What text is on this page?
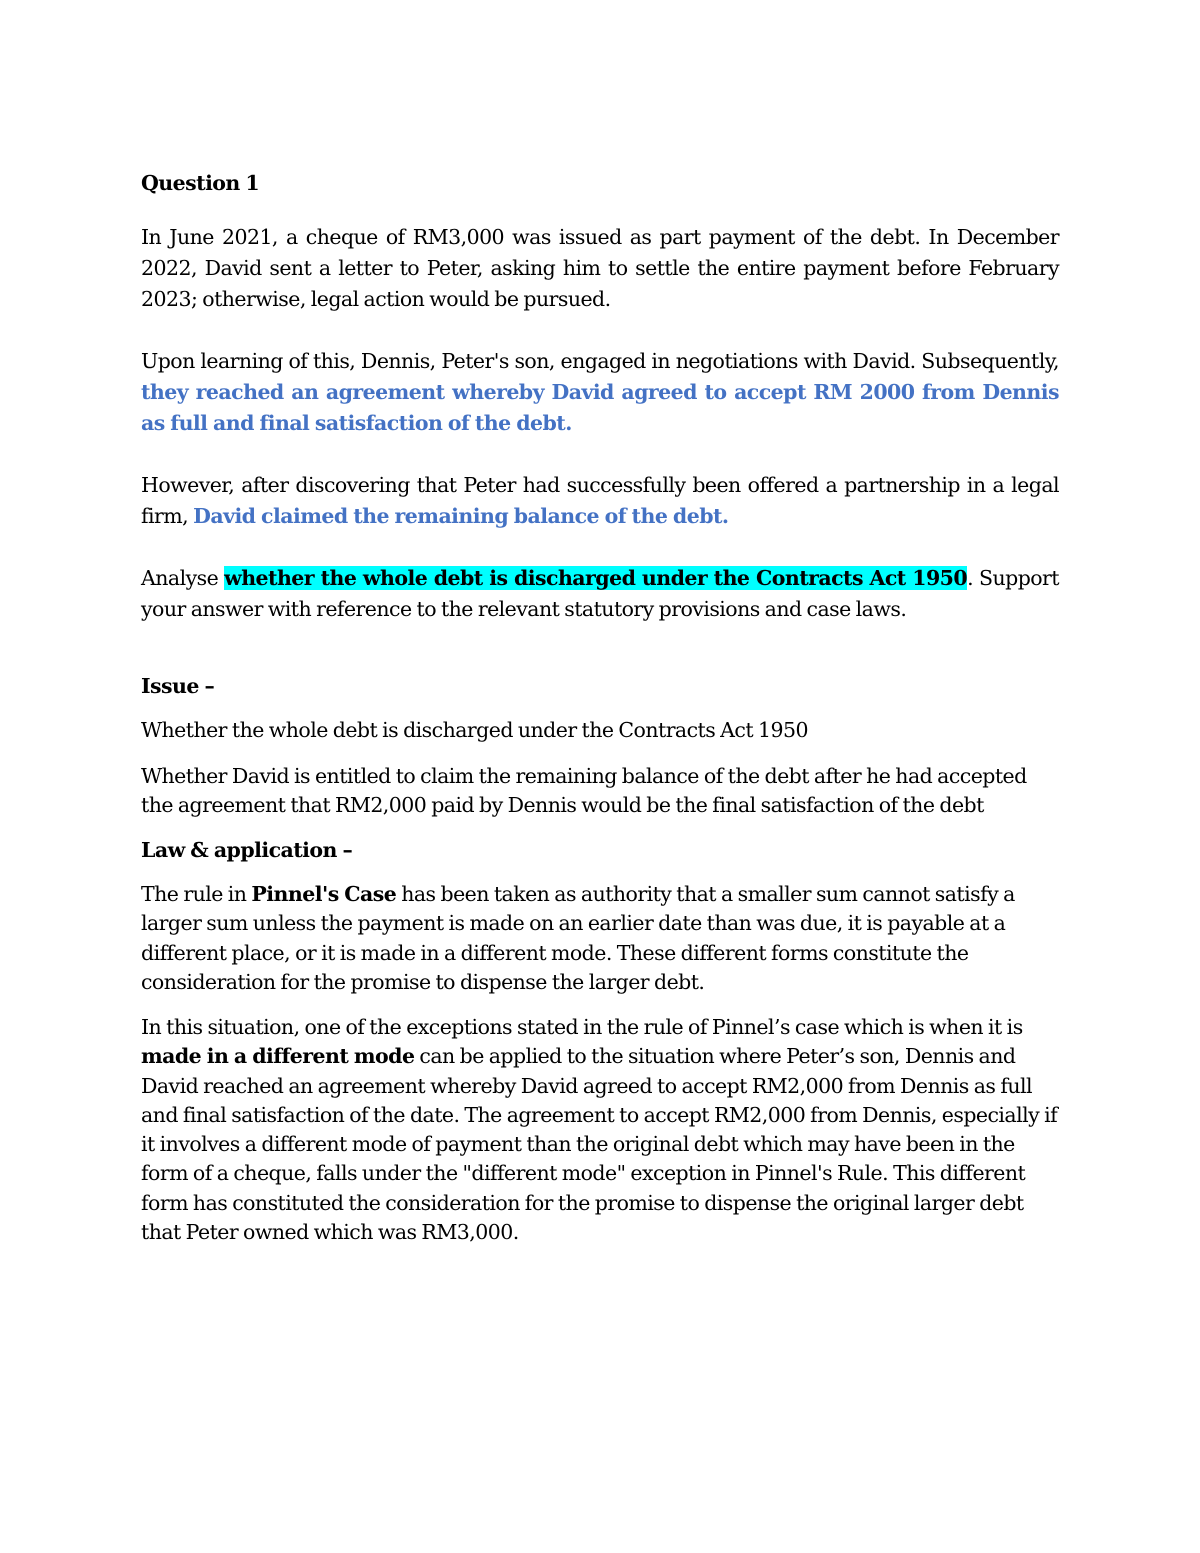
Question 1

In June 2021, a cheque of RM3,000 was issued as part payment of the debt. In December 2022, David sent a letter to Peter, asking him to settle the entire payment before February 2023; otherwise, legal action would be pursued.

Upon learning of this, Dennis, Peter's son, engaged in negotiations with David. Subsequently, they reached an agreement whereby David agreed to accept RM 2000 from Dennis as full and final satisfaction of the debt.

However, after discovering that Peter had successfully been offered a partnership in a legal firm, David claimed the remaining balance of the debt.

Analyse whether the whole debt is discharged under the Contracts Act 1950. Support your answer with reference to the relevant statutory provisions and case laws.

Issue –

Whether the whole debt is discharged under the Contracts Act 1950

Whether David is entitled to claim the remaining balance of the debt after he had accepted the agreement that RM2,000 paid by Dennis would be the final satisfaction of the debt

Law & application –

The rule in Pinnel's Case has been taken as authority that a smaller sum cannot satisfy a larger sum unless the payment is made on an earlier date than was due, it is payable at a different place, or it is made in a different mode. These different forms constitute the consideration for the promise to dispense the larger debt.

In this situation, one of the exceptions stated in the rule of Pinnel’s case which is when it is made in a different mode can be applied to the situation where Peter’s son, Dennis and David reached an agreement whereby David agreed to accept RM2,000 from Dennis as full and final satisfaction of the date. The agreement to accept RM2,000 from Dennis, especially if it involves a different mode of payment than the original debt which may have been in the form of a cheque, falls under the "different mode" exception in Pinnel's Rule. This different form has constituted the consideration for the promise to dispense the original larger debt that Peter owned which was RM3,000.
